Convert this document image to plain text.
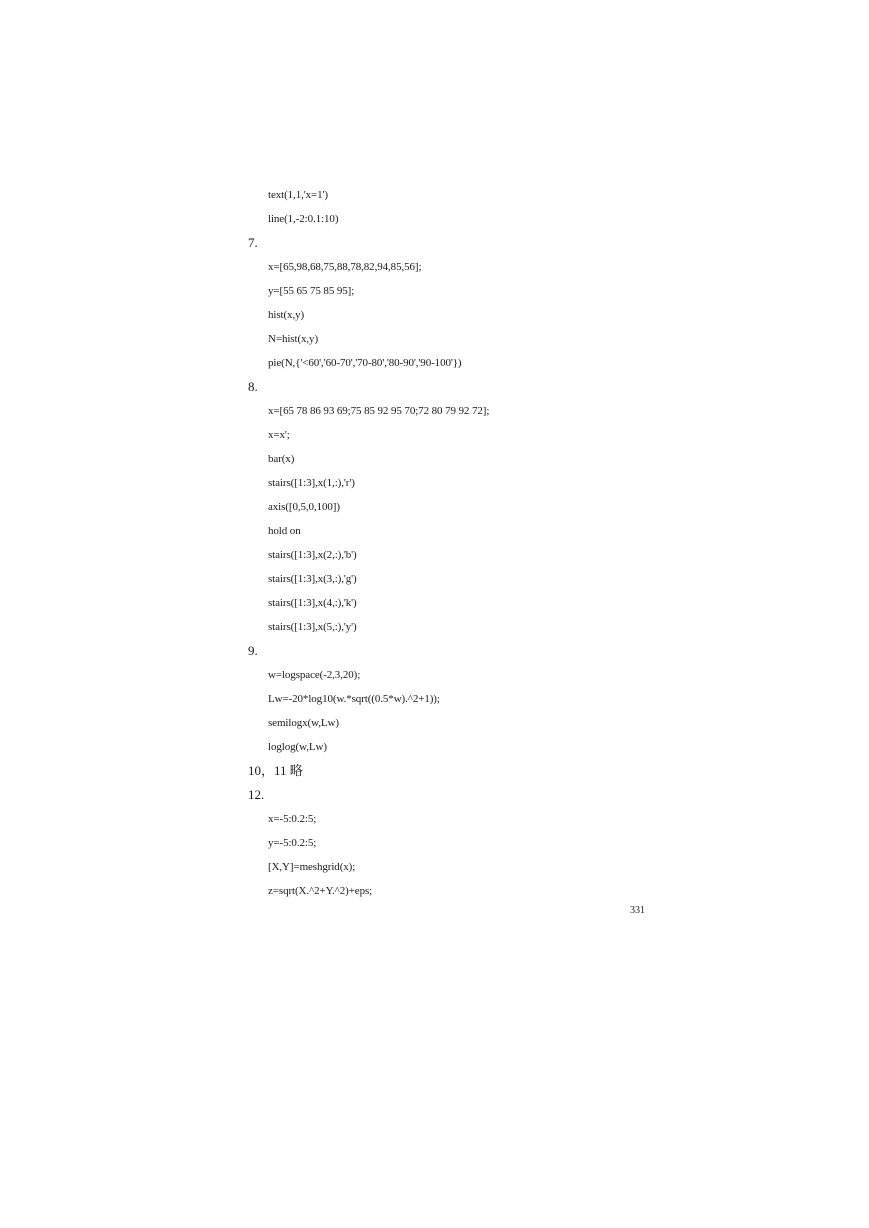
text(1,1,'x=1')
line(1,-2:0.1:10)
7.
x=[65,98,68,75,88,78,82,94,85,56];
y=[55 65 75 85 95];
hist(x,y)
N=hist(x,y)
pie(N,{'<60','60-70','70-80','80-90','90-100'})
8.
x=[65 78 86 93 69;75 85 92 95 70;72 80 79 92 72];
x=x';
bar(x)
stairs([1:3],x(1,:),'r')
axis([0,5,0,100])
hold on
stairs([1:3],x(2,:),'b')
stairs([1:3],x(3,:),'g')
stairs([1:3],x(4,:),'k')
stairs([1:3],x(5,:),'y')
9.
w=logspace(-2,3,20);
Lw=-20*log10(w.*sqrt((0.5*w).^2+1));
semilogx(w,Lw)
loglog(w,Lw)
10，11 略
12.
x=-5:0.2:5;
y=-5:0.2:5;
[X,Y]=meshgrid(x);
z=sqrt(X.^2+Y.^2)+eps;
331
